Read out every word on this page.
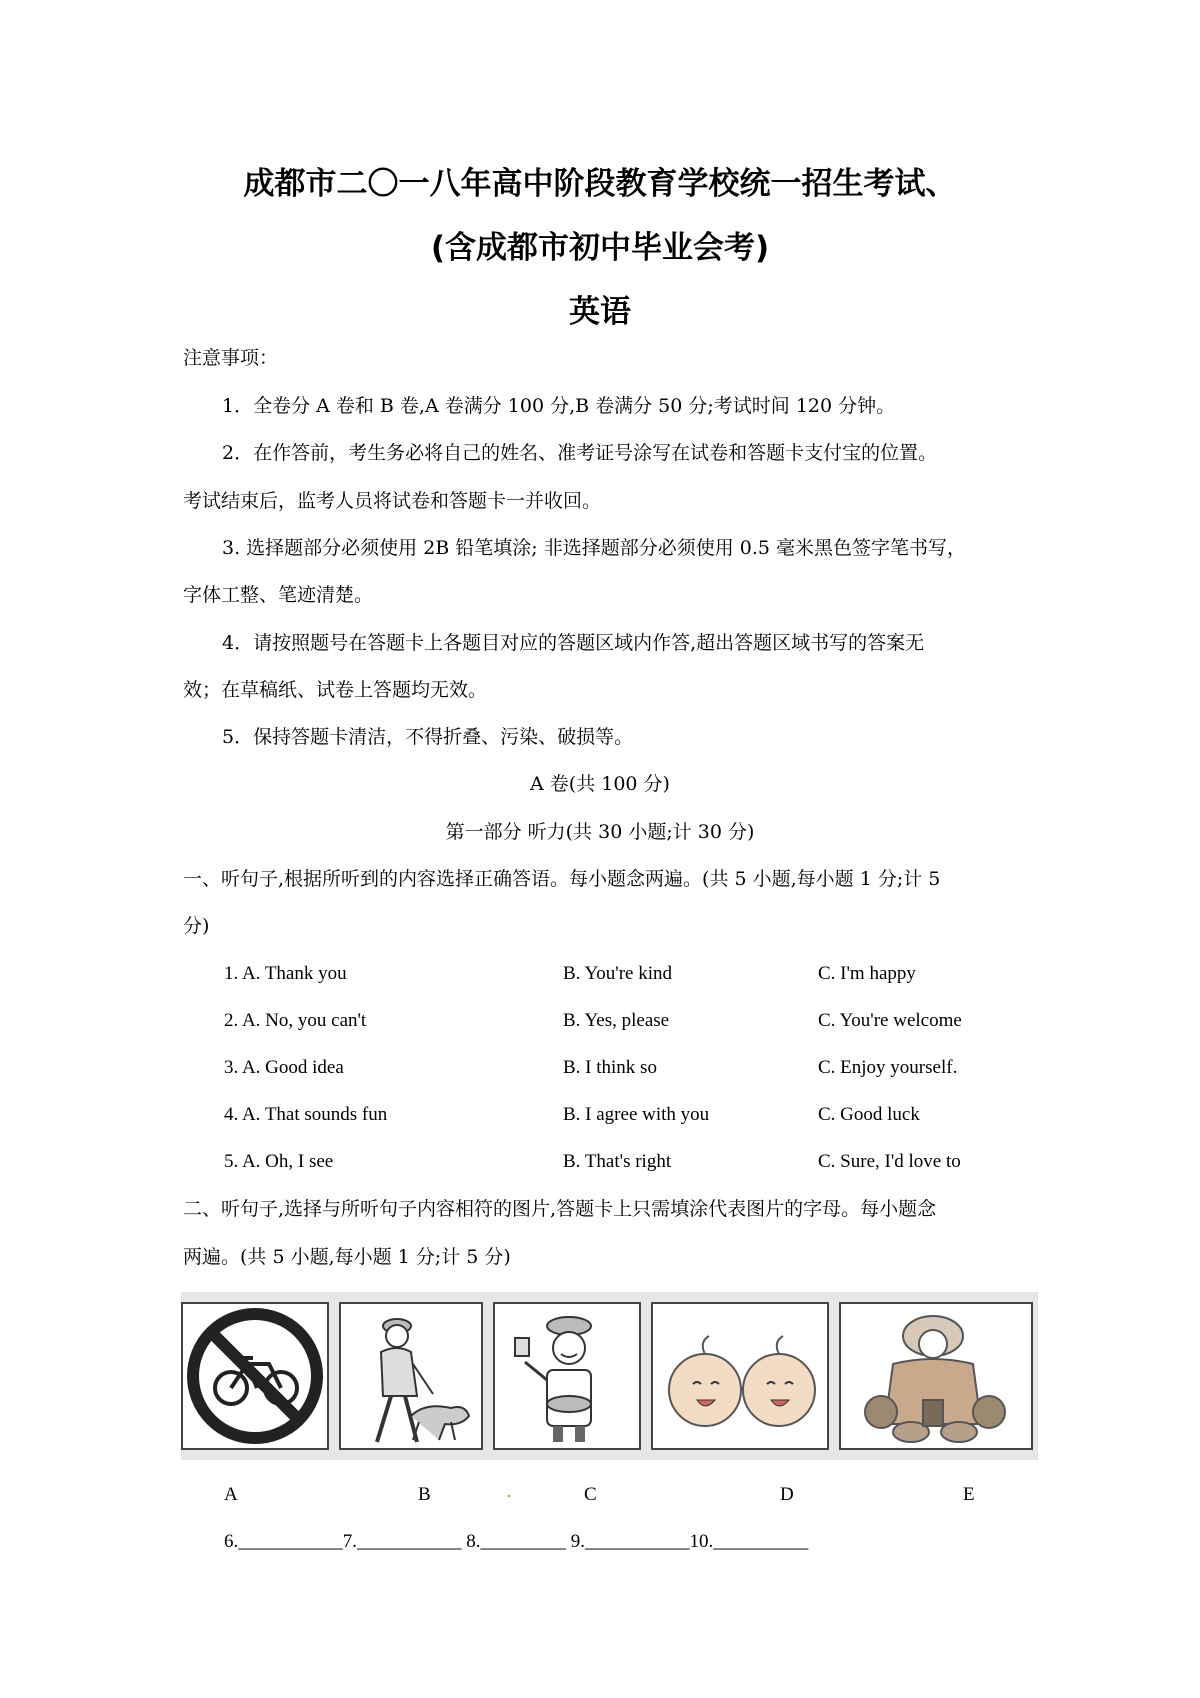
成都市二〇一八年高中阶段教育学校统一招生考试、
(含成都市初中毕业会考)
英语
注意事项：
1．全卷分 A 卷和 B 卷,A 卷满分 100 分,B 卷满分 50 分;考试时间 120 分钟。
2．在作答前，考生务必将自己的姓名、准考证号涂写在试卷和答题卡支付宝的位置。
考试结束后，监考人员将试卷和答题卡一并收回。
3. 选择题部分必须使用 2B 铅笔填涂; 非选择题部分必须使用 0.5 毫米黑色签字笔书写，
字体工整、笔迹清楚。
4．请按照题号在答题卡上各题目对应的答题区域内作答,超出答题区域书写的答案无
效；在草稿纸、试卷上答题均无效。
5．保持答题卡清洁，不得折叠、污染、破损等。
A 卷(共 100 分)
第一部分 听力(共 30 小题;计 30 分)
一、听句子,根据所听到的内容选择正确答语。每小题念两遍。(共 5 小题,每小题 1 分;计 5
分)
1. A. Thank you	B. You're kind	C. I'm happy
2. A. No, you can't	B. Yes, please	C. You're welcome
3. A. Good idea	B. I think so	C. Enjoy yourself.
4. A. That sounds fun	B. I agree with you	C. Good luck
5. A. Oh, I see	B. That's right	C. Sure, I'd love to
二、听句子,选择与所听句子内容相符的图片,答题卡上只需填涂代表图片的字母。每小题念
两遍。(共 5 小题,每小题 1 分;计 5 分)
A	B	.	C	D	E
6.___________7.___________ 8._________ 9.___________10.__________
